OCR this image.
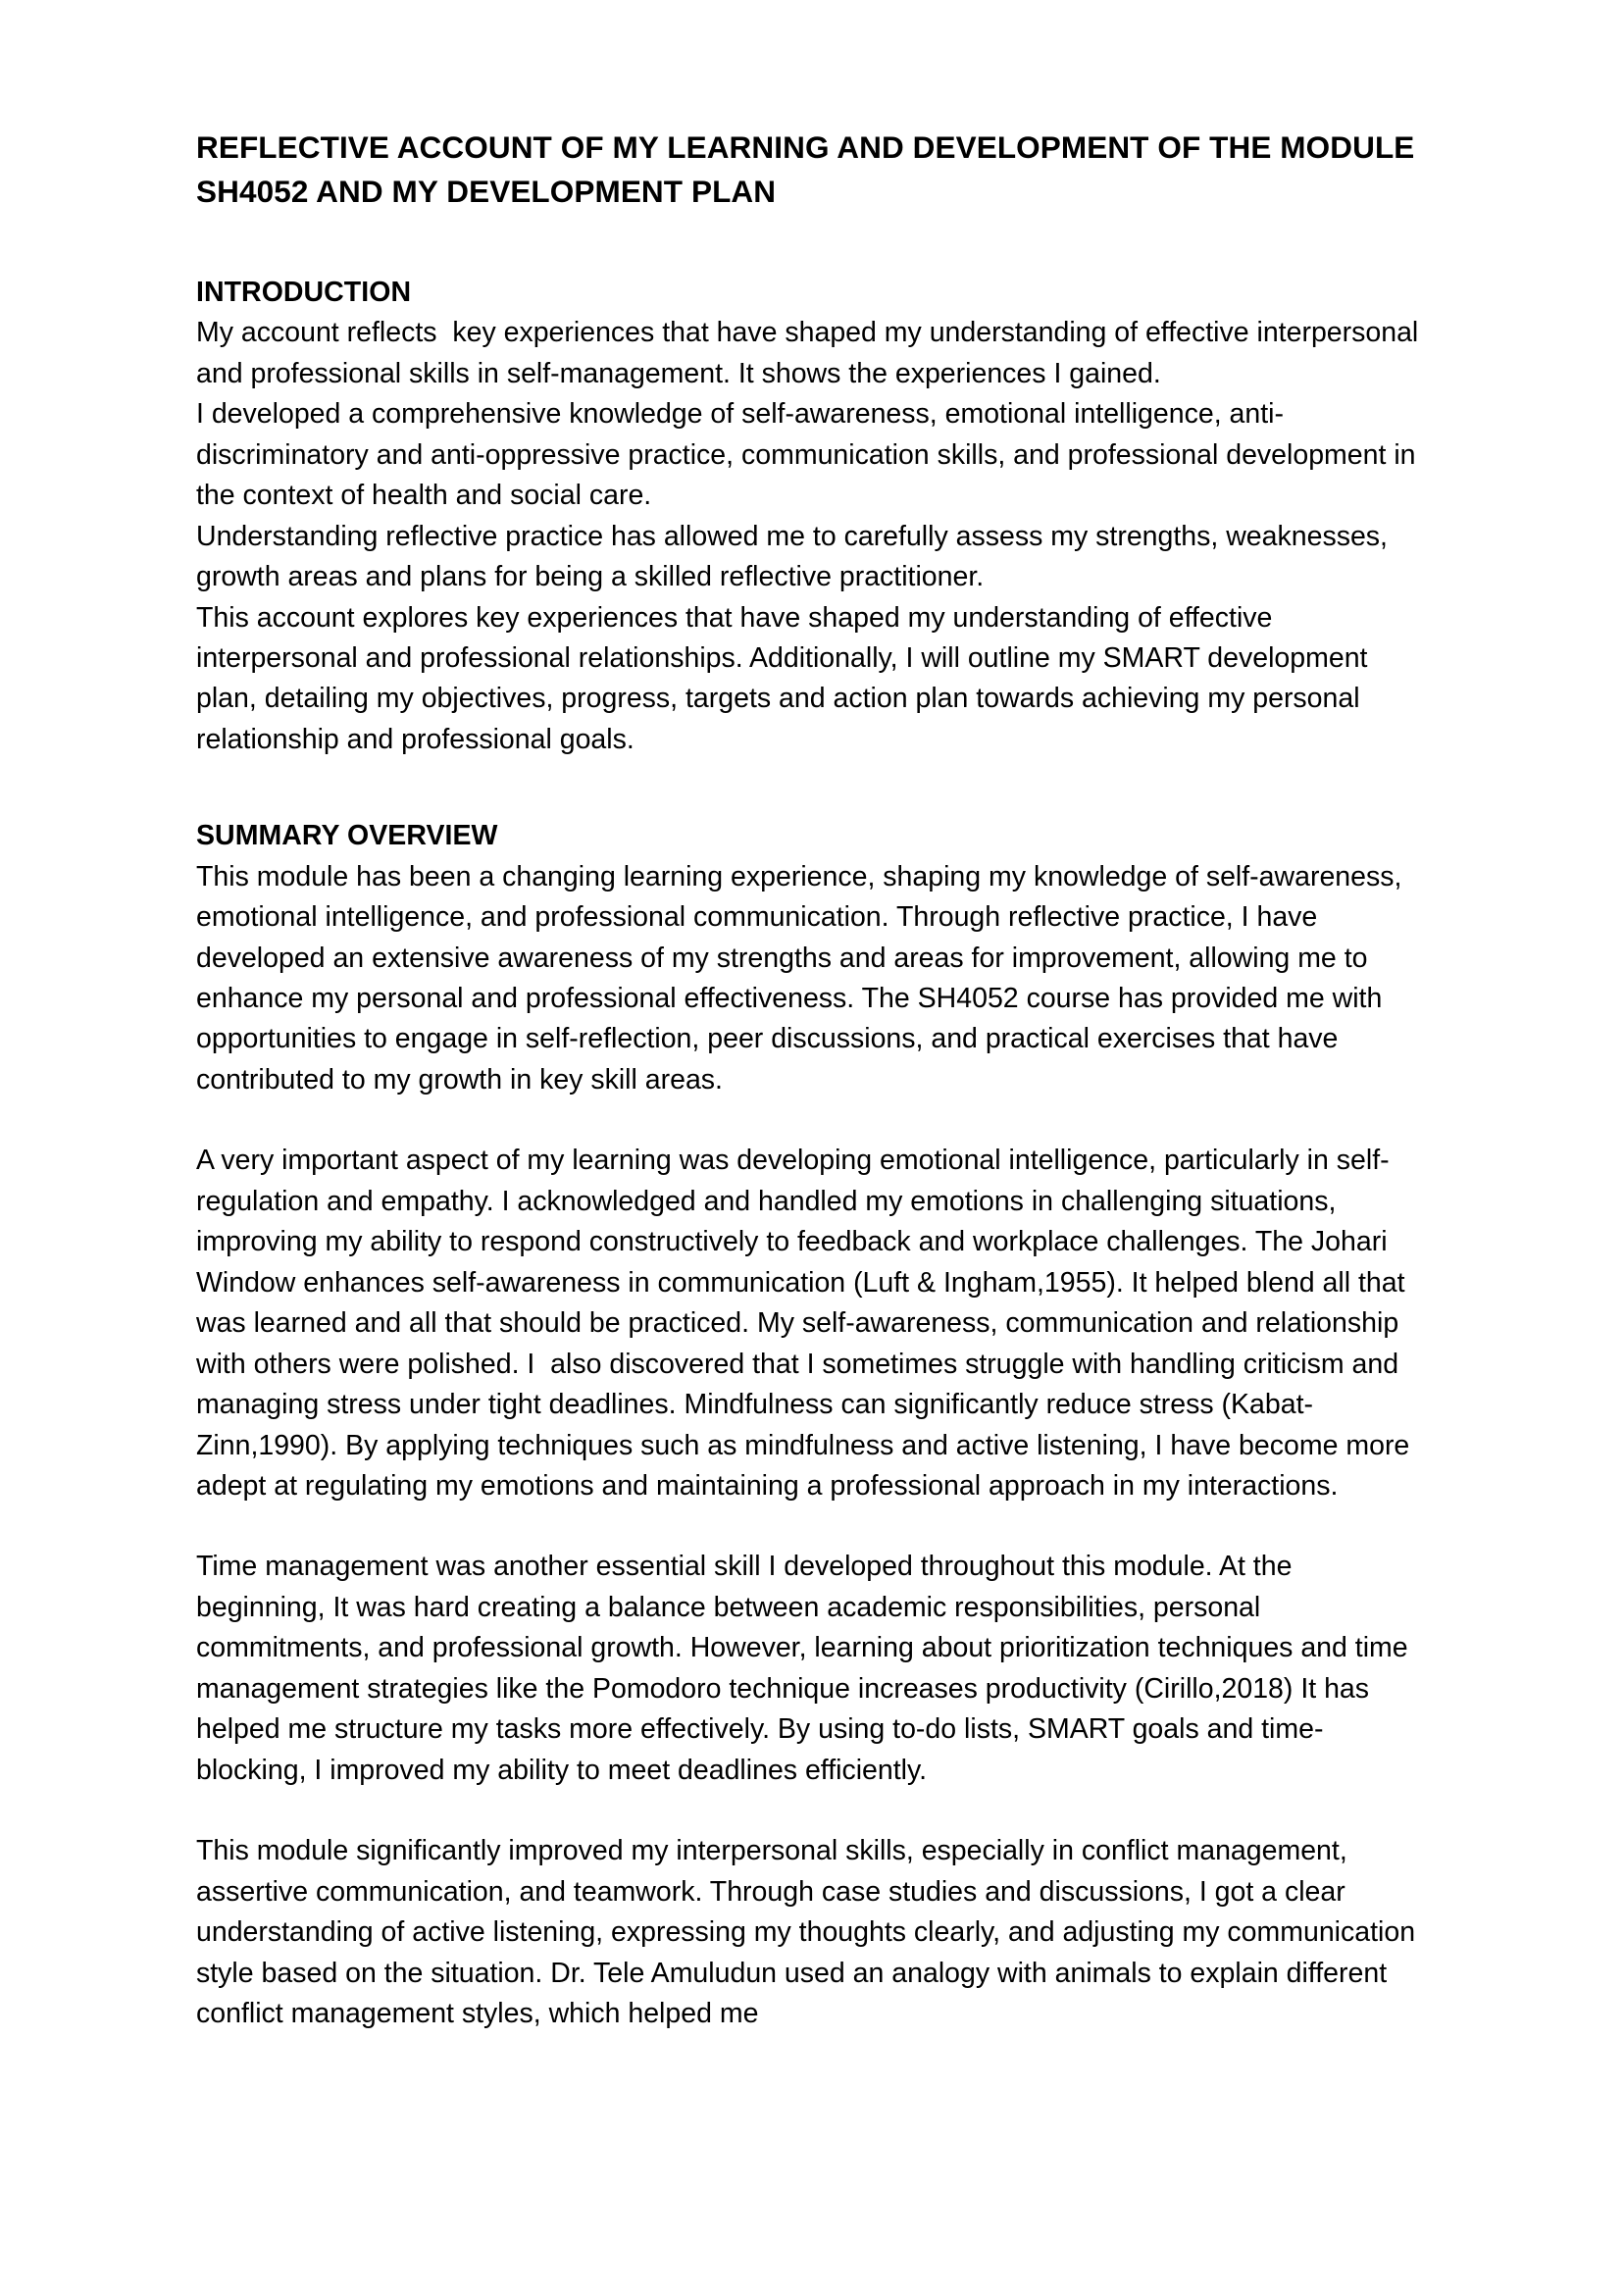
REFLECTIVE ACCOUNT OF MY LEARNING AND DEVELOPMENT OF THE MODULE SH4052 AND MY DEVELOPMENT PLAN
INTRODUCTION

My account reflects  key experiences that have shaped my understanding of effective interpersonal and professional skills in self-management. It shows the experiences I gained.

I developed a comprehensive knowledge of self-awareness, emotional intelligence, anti-discriminatory and anti-oppressive practice, communication skills, and professional development in the context of health and social care.

Understanding reflective practice has allowed me to carefully assess my strengths, weaknesses, growth areas and plans for being a skilled reflective practitioner.

This account explores key experiences that have shaped my understanding of effective interpersonal and professional relationships. Additionally, I will outline my SMART development plan, detailing my objectives, progress, targets and action plan towards achieving my personal relationship and professional goals.

SUMMARY OVERVIEW

This module has been a changing learning experience, shaping my knowledge of self-awareness, emotional intelligence, and professional communication. Through reflective practice, I have developed an extensive awareness of my strengths and areas for improvement, allowing me to enhance my personal and professional effectiveness. The SH4052 course has provided me with opportunities to engage in self-reflection, peer discussions, and practical exercises that have contributed to my growth in key skill areas.

A very important aspect of my learning was developing emotional intelligence, particularly in self-regulation and empathy. I acknowledged and handled my emotions in challenging situations, improving my ability to respond constructively to feedback and workplace challenges. The Johari Window enhances self-awareness in communication (Luft & Ingham,1955). It helped blend all that was learned and all that should be practiced. My self-awareness, communication and relationship with others were polished. I  also discovered that I sometimes struggle with handling criticism and managing stress under tight deadlines. Mindfulness can significantly reduce stress (Kabat-Zinn,1990). By applying techniques such as mindfulness and active listening, I have become more adept at regulating my emotions and maintaining a professional approach in my interactions.

Time management was another essential skill I developed throughout this module. At the beginning, It was hard creating a balance between academic responsibilities, personal commitments, and professional growth. However, learning about prioritization techniques and time management strategies like the Pomodoro technique increases productivity (Cirillo,2018) It has helped me structure my tasks more effectively. By using to-do lists, SMART goals and time-blocking, I improved my ability to meet deadlines efficiently.

This module significantly improved my interpersonal skills, especially in conflict management, assertive communication, and teamwork. Through case studies and discussions, I got a clear understanding of active listening, expressing my thoughts clearly, and adjusting my communication style based on the situation. Dr. Tele Amuludun used an analogy with animals to explain different conflict management styles, which helped me
